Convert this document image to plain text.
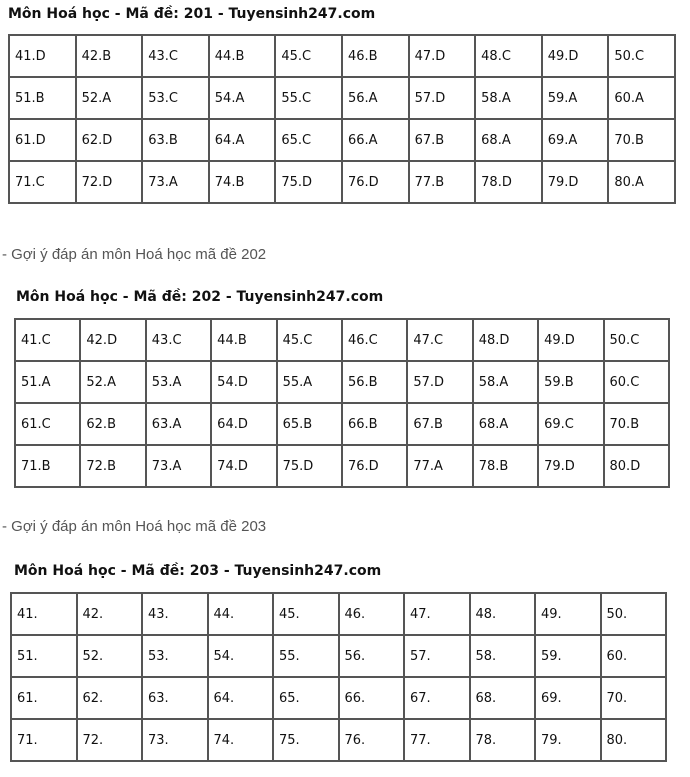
Môn Hoá học - Mã đề: 201 - Tuyensinh247.com
41.D	42.B	43.C	44.B	45.C	46.B	47.D	48.C	49.D	50.C
51.B	52.A	53.C	54.A	55.C	56.A	57.D	58.A	59.A	60.A
61.D	62.D	63.B	64.A	65.C	66.A	67.B	68.A	69.A	70.B
71.C	72.D	73.A	74.B	75.D	76.D	77.B	78.D	79.D	80.A
- Gợi ý đáp án môn Hoá học mã đề 202
Môn Hoá học - Mã đề: 202 - Tuyensinh247.com
41.C	42.D	43.C	44.B	45.C	46.C	47.C	48.D	49.D	50.C
51.A	52.A	53.A	54.D	55.A	56.B	57.D	58.A	59.B	60.C
61.C	62.B	63.A	64.D	65.B	66.B	67.B	68.A	69.C	70.B
71.B	72.B	73.A	74.D	75.D	76.D	77.A	78.B	79.D	80.D
- Gợi ý đáp án môn Hoá học mã đề 203
Môn Hoá học - Mã đề: 203 - Tuyensinh247.com
41.	42.	43.	44.	45.	46.	47.	48.	49.	50.
51.	52.	53.	54.	55.	56.	57.	58.	59.	60.
61.	62.	63.	64.	65.	66.	67.	68.	69.	70.
71.	72.	73.	74.	75.	76.	77.	78.	79.	80.
